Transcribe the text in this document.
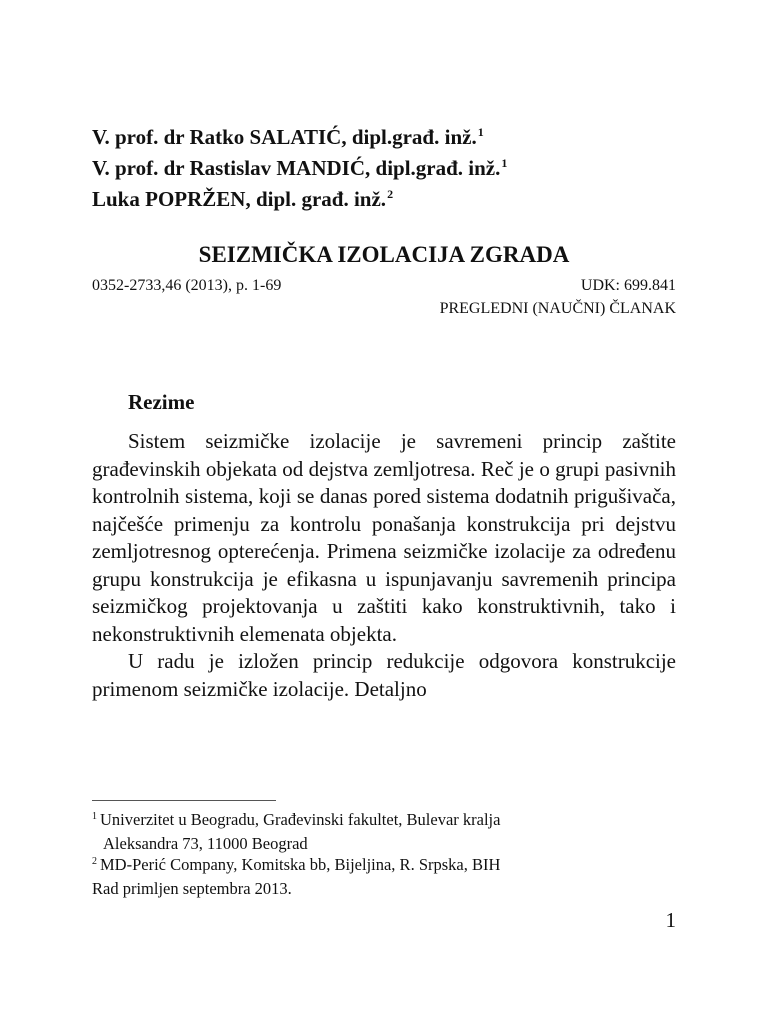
V. prof. dr Ratko SALATIĆ, dipl.građ. inž.$^1$
V. prof. dr Rastislav MANDIĆ, dipl.građ. inž.$^1$
Luka POPRŽEN, dipl. građ. inž.$^2$
SEIZMIČKA IZOLACIJA ZGRADA
0352-2733,46 (2013), p. 1-69	UDK: 699.841
PREGLEDNI (NAUČNI) ČLANAK
Rezime

Sistem seizmičke izolacije je savremeni princip zaštite građevinskih objekata od dejstva zemljotresa. Reč je o grupi pasivnih kontrolnih sistema, koji se danas pored sistema dodatnih prigušivača, najčešće primenju za kontrolu ponašanja konstrukcija pri dejstvu zemljotresnog opterećenja. Primena seizmičke izolacije za određenu grupu konstrukcija je efikasna u ispunjavanju savremenih principa seizmičkog projektovanja u zaštiti kako konstruktivnih, tako i nekonstruktivnih elemenata objekta.

U radu je izložen princip redukcije odgovora konstrukcije primenom seizmičke izolacije. Detaljno

$^1$ Univerzitet u Beogradu, Građevinski fakultet, Bulevar kralja
Aleksandra 73, 11000 Beograd
$^2$ MD-Perić Company, Komitska bb, Bijeljina, R. Srpska, BIH
Rad primljen septembra 2013.
1
